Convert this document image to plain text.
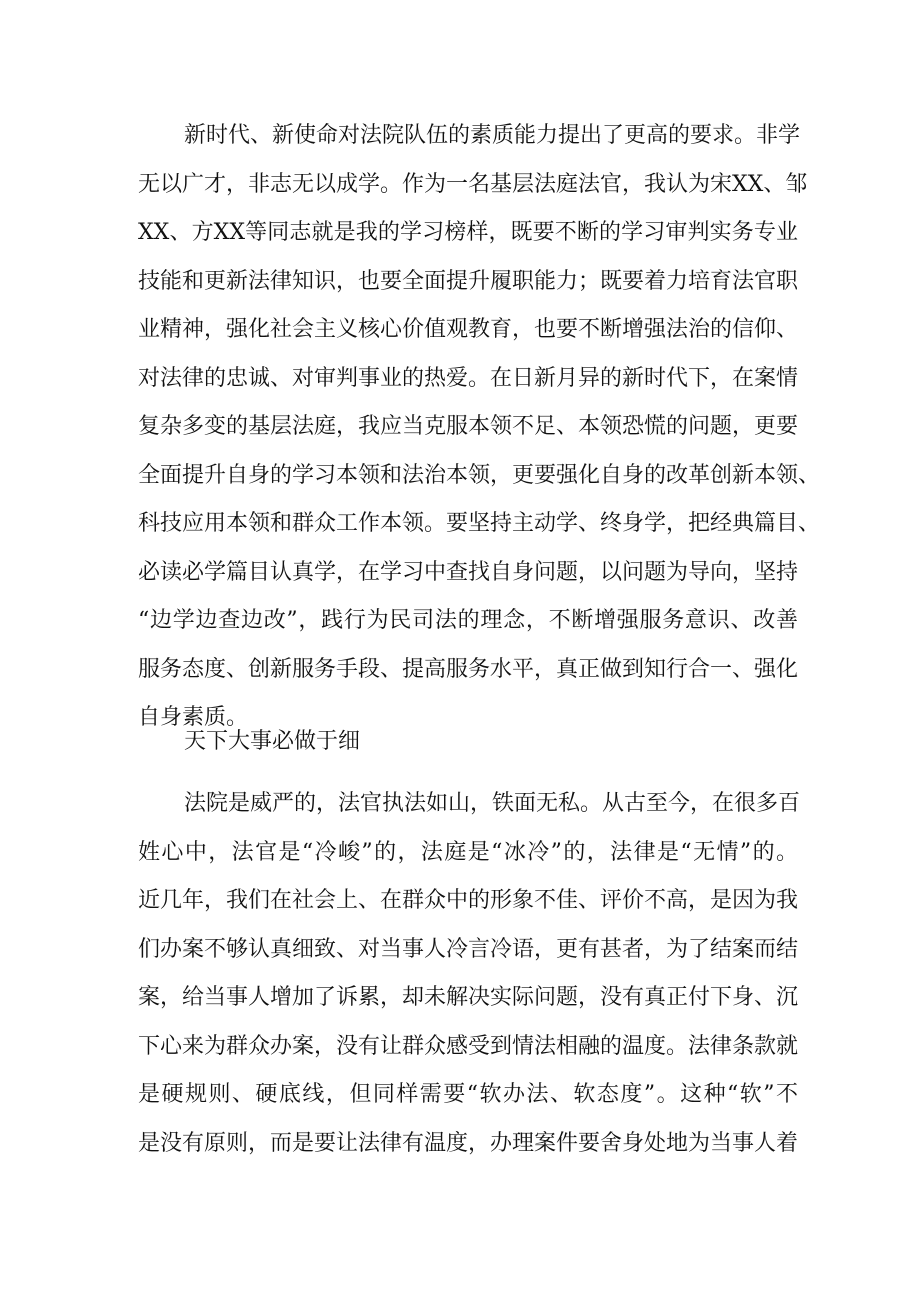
新时代、新使命对法院队伍的素质能力提出了更高的要求。非学
无以广才，非志无以成学。作为一名基层法庭法官，我认为宋XX、邹
XX、方XX等同志就是我的学习榜样，既要不断的学习审判实务专业
技能和更新法律知识，也要全面提升履职能力；既要着力培育法官职
业精神，强化社会主义核心价值观教育，也要不断增强法治的信仰、
对法律的忠诚、对审判事业的热爱。在日新月异的新时代下，在案情
复杂多变的基层法庭，我应当克服本领不足、本领恐慌的问题，更要
全面提升自身的学习本领和法治本领，更要强化自身的改革创新本领、
科技应用本领和群众工作本领。要坚持主动学、终身学，把经典篇目、
必读必学篇目认真学，在学习中查找自身问题，以问题为导向，坚持
“边学边查边改”，践行为民司法的理念，不断增强服务意识、改善
服务态度、创新服务手段、提高服务水平，真正做到知行合一、强化
自身素质。
天下大事必做于细
法院是威严的，法官执法如山，铁面无私。从古至今，在很多百
姓心中，法官是“冷峻”的，法庭是“冰冷”的，法律是“无情”的。
近几年，我们在社会上、在群众中的形象不佳、评价不高，是因为我
们办案不够认真细致、对当事人冷言冷语，更有甚者，为了结案而结
案，给当事人增加了诉累，却未解决实际问题，没有真正付下身、沉
下心来为群众办案，没有让群众感受到情法相融的温度。法律条款就
是硬规则、硬底线，但同样需要“软办法、软态度”。这种“软”不
是没有原则，而是要让法律有温度，办理案件要舍身处地为当事人着
